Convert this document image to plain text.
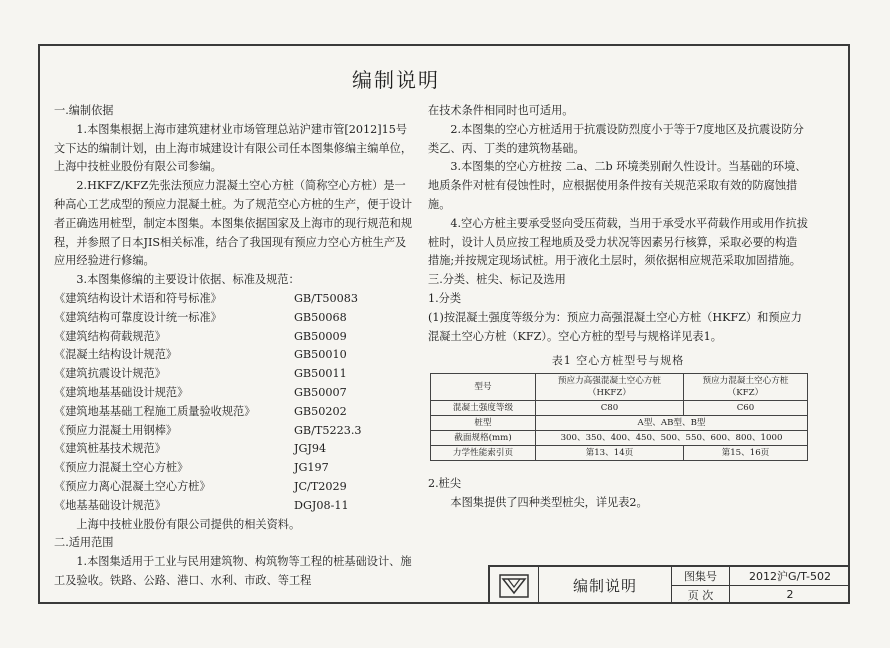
编制说明

一.编制依据

1.本图集根据上海市建筑建材业市场管理总站沪建市管[2012]15号文下达的编制计划，由上海市城建设计有限公司任本图集修编主编单位，上海中技桩业股份有限公司参编。

2.HKFZ/KFZ先张法预应力混凝土空心方桩（简称空心方桩）是一种高心工艺成型的预应力混凝土桩。为了规范空心方桩的生产，便于设计者正确选用桩型，制定本图集。本图集依据国家及上海市的现行规范和规程，并参照了日本JIS相关标准，结合了我国现有预应力空心方桩生产及应用经验进行修编。

3.本图集修编的主要设计依据、标准及规范：

《建筑结构设计术语和符号标准》	GB/T50083
《建筑结构可靠度设计统一标准》	GB50068
《建筑结构荷载规范》	GB50009
《混凝土结构设计规范》	GB50010
《建筑抗震设计规范》	GB50011
《建筑地基基础设计规范》	GB50007
《建筑地基基础工程施工质量验收规范》	GB50202
《预应力混凝土用钢棒》	GB/T5223.3
《建筑桩基技术规范》	JGJ94
《预应力混凝土空心方桩》	JG197
《预应力离心混凝土空心方桩》	JC/T2029
《地基基础设计规范》	DGJ08-11

上海中技桩业股份有限公司提供的相关资料。

二.适用范围

1.本图集适用于工业与民用建筑物、构筑物等工程的桩基础设计、施工及验收。铁路、公路、港口、水利、市政、等工程

在技术条件相同时也可适用。

2.本图集的空心方桩适用于抗震设防烈度小于等于7度地区及抗震设防分类乙、丙、丁类的建筑物基础。

3.本图集的空心方桩按 二a、二b 环境类别耐久性设计。当基础的环境、地质条件对桩有侵蚀性时，应根据使用条件按有关规范采取有效的防腐蚀措施。

4.空心方桩主要承受竖向受压荷载，当用于承受水平荷载作用或用作抗拔桩时，设计人员应按工程地质及受力状况等因素另行核算，采取必要的构造措施;并按规定现场试桩。用于液化土层时，须依据相应规范采取加固措施。

三.分类、桩尖、标记及选用

1.分类

(1)按混凝土强度等级分为：预应力高强混凝土空心方桩（HKFZ）和预应力混凝土空心方桩（KFZ）。空心方桩的型号与规格详见表1。

表1 空心方桩型号与规格
型号	预应力高强混凝土空心方桩（HKFZ）	预应力混凝土空心方桩（KFZ）
混凝土强度等级	C80	C60
桩型	A型、AB型、B型	
截面规格(mm)	300、350、400、450、500、550、600、800、1000	
力学性能索引页	第13、14页	第15、16页

2.桩尖

本图集提供了四种类型桩尖，详见表2。

编制说明
图集号	2012沪G/T-502
页 次	2
